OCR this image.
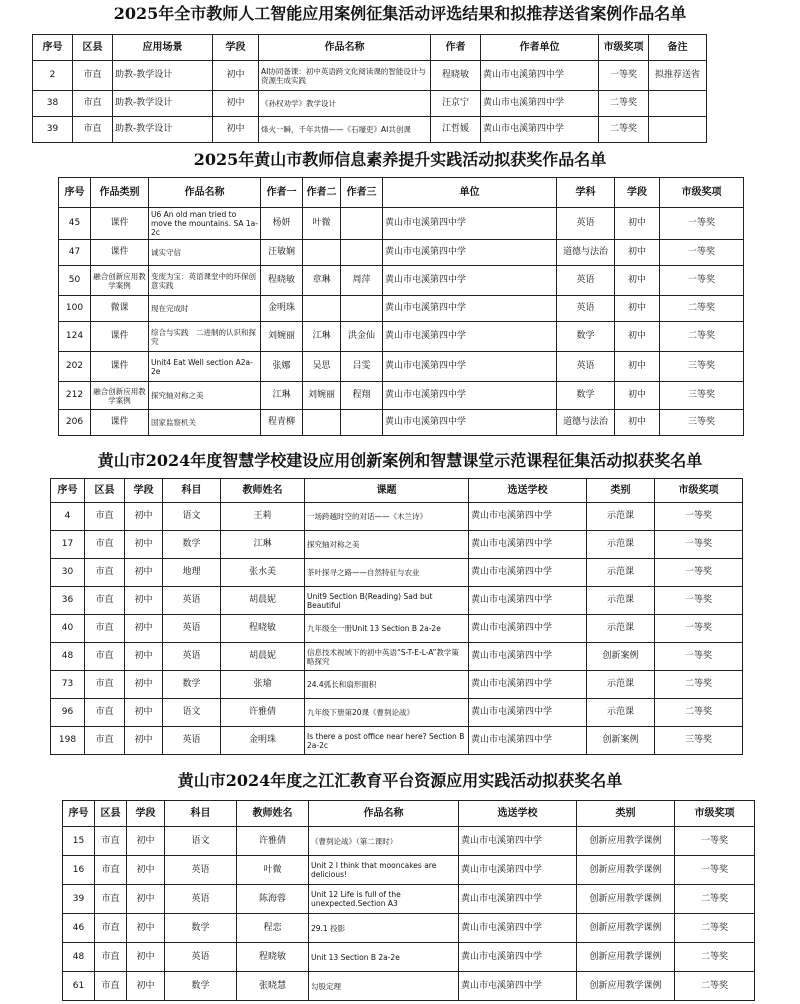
2025年全市教师人工智能应用案例征集活动评选结果和拟推荐送省案例作品名单
序号	区县	应用场景	学段	作品名称	作者	作者单位	市级奖项	备注
2	市直	助教-教学设计	初中	AI协同备课：初中英语跨文化阅读课的智能设计与资源生成实践	程晓敏	黄山市屯溪第四中学	一等奖	拟推荐送省
38	市直	助教-教学设计	初中	《孙权劝学》教学设计	汪京宁	黄山市屯溪第四中学	二等奖	
39	市直	助教-教学设计	初中	烽火一瞬，千年共情——《石壕吏》AI共创课	江哲媛	黄山市屯溪第四中学	二等奖	
2025年黄山市教师信息素养提升实践活动拟获奖作品名单
序号	作品类别	作品名称	作者一	作者二	作者三	单位	学科	学段	市级奖项
45	课件	U6 An old man tried to move the mountains. SA 1a-2c	杨妍	叶微		黄山市屯溪第四中学	英语	初中	一等奖
47	课件	诚实守信	汪敏娴			黄山市屯溪第四中学	道德与法治	初中	一等奖
50	融合创新应用教学案例	变废为宝：英语课堂中的环保创意实践	程晓敏	章琳	周萍	黄山市屯溪第四中学	英语	初中	一等奖
100	微课	现在完成时	金明珠			黄山市屯溪第四中学	英语	初中	二等奖
124	课件	综合与实践　二进制的认识和探究	刘婉丽	江琳	洪金仙	黄山市屯溪第四中学	数学	初中	二等奖
202	课件	Unit4 Eat Well section A2a-2e	张娜	吴思	吕雯	黄山市屯溪第四中学	英语	初中	三等奖
212	融合创新应用教学案例	探究轴对称之美	江琳	刘婉丽	程翔	黄山市屯溪第四中学	数学	初中	三等奖
206	课件	国家监察机关	程青柳			黄山市屯溪第四中学	道德与法治	初中	三等奖
黄山市2024年度智慧学校建设应用创新案例和智慧课堂示范课程征集活动拟获奖名单
序号	区县	学段	科目	教师姓名	课题	选送学校	类别	市级奖项
4	市直	初中	语文	王莉	一场跨越时空的对话——《木兰诗》	黄山市屯溪第四中学	示范课	一等奖
17	市直	初中	数学	江琳	探究轴对称之美	黄山市屯溪第四中学	示范课	一等奖
30	市直	初中	地理	张水美	茶叶探寻之路——自然特征与农业	黄山市屯溪第四中学	示范课	一等奖
36	市直	初中	英语	胡晨妮	Unit9 Section B(Reading) Sad but Beautiful	黄山市屯溪第四中学	示范课	一等奖
40	市直	初中	英语	程晓敏	九年级全一册Unit 13 Section B 2a-2e	黄山市屯溪第四中学	示范课	一等奖
48	市直	初中	英语	胡晨妮	信息技术视域下的初中英语“S-T-E-L-A”教学策略探究	黄山市屯溪第四中学	创新案例	一等奖
73	市直	初中	数学	张瑜	24.4弧长和扇形面积	黄山市屯溪第四中学	示范课	二等奖
96	市直	初中	语文	许雅倩	九年级下册第20课《曹刿论战》	黄山市屯溪第四中学	示范课	二等奖
198	市直	初中	英语	金明珠	Is there a post office near here? Section B 2a-2c	黄山市屯溪第四中学	创新案例	三等奖
黄山市2024年度之江汇教育平台资源应用实践活动拟获奖名单
序号	区县	学段	科目	教师姓名	作品名称	选送学校	类别	市级奖项
15	市直	初中	语文	许雅倩	《曹刿论战》（第二课时）	黄山市屯溪第四中学	创新应用教学课例	一等奖
16	市直	初中	英语	叶微	Unit 2 I think that mooncakes are delicious!	黄山市屯溪第四中学	创新应用教学课例	一等奖
39	市直	初中	英语	陈海蓉	Unit 12 Life is full of the unexpected.Section A3	黄山市屯溪第四中学	创新应用教学课例	二等奖
46	市直	初中	数学	程恋	29.1 投影	黄山市屯溪第四中学	创新应用教学课例	二等奖
48	市直	初中	英语	程晓敏	Unit 13 Section B 2a-2e	黄山市屯溪第四中学	创新应用教学课例	二等奖
61	市直	初中	数学	张晓慧	勾股定理	黄山市屯溪第四中学	创新应用教学课例	二等奖
